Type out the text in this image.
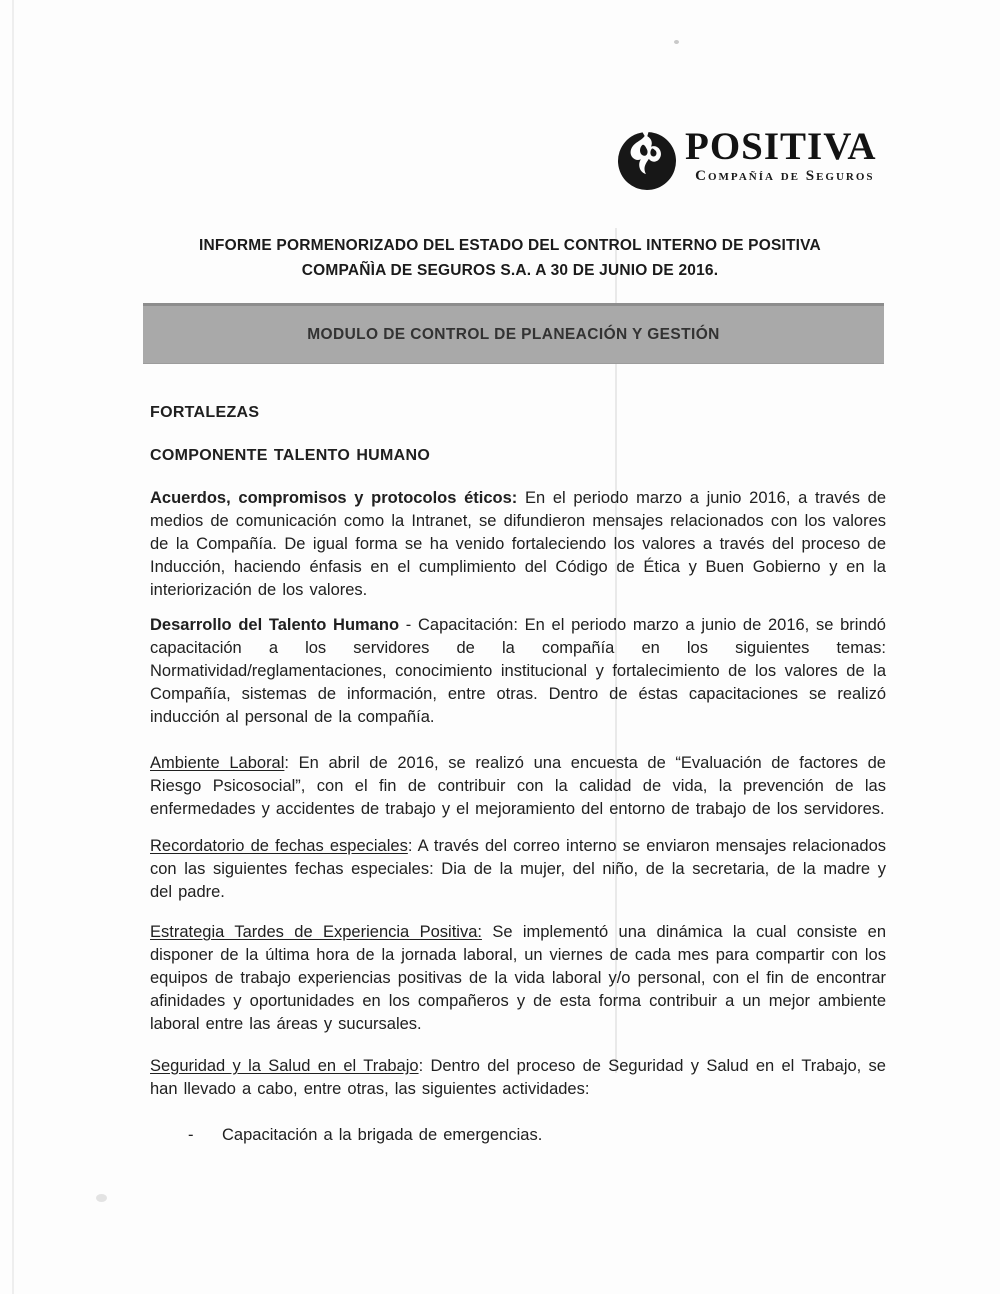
POSITIVA
Compañía de Seguros
INFORME PORMENORIZADO DEL ESTADO DEL CONTROL INTERNO DE POSITIVA
COMPAÑÌA DE SEGUROS S.A. A 30 DE JUNIO DE 2016.
MODULO DE CONTROL DE PLANEACIÓN Y GESTIÓN
FORTALEZAS
COMPONENTE TALENTO HUMANO

Acuerdos, compromisos y protocolos éticos: En el periodo marzo a junio 2016, a través de medios de comunicación como la Intranet, se difundieron mensajes relacionados con los valores de la Compañía. De igual forma se ha venido fortaleciendo los valores a través del proceso de Inducción, haciendo énfasis en el cumplimiento del Código de Ética y Buen Gobierno y en la interiorización de los valores.

Desarrollo del Talento Humano - Capacitación: En el periodo marzo a junio de 2016, se brindó capacitación a los servidores de la compañía en los siguientes temas: Normatividad/reglamentaciones, conocimiento institucional y fortalecimiento de los valores de la Compañía, sistemas de información, entre otras. Dentro de éstas capacitaciones se realizó inducción al personal de la compañía.

Ambiente Laboral: En abril de 2016, se realizó una encuesta de “Evaluación de factores de Riesgo Psicosocial”, con el fin de contribuir con la calidad de vida, la prevención de las enfermedades y accidentes de trabajo y el mejoramiento del entorno de trabajo de los servidores.

Recordatorio de fechas especiales: A través del correo interno se enviaron mensajes relacionados con las siguientes fechas especiales: Dia de la mujer, del niño, de la secretaria, de la madre y del padre.

Estrategia Tardes de Experiencia Positiva: Se implementó una dinámica la cual consiste en disponer de la última hora de la jornada laboral, un viernes de cada mes para compartir con los equipos de trabajo experiencias positivas de la vida laboral y/o personal, con el fin de encontrar afinidades y oportunidades en los compañeros y de esta forma contribuir a un mejor ambiente laboral entre las áreas y sucursales.

Seguridad y la Salud en el Trabajo: Dentro del proceso de Seguridad y Salud en el Trabajo, se han llevado a cabo, entre otras, las siguientes actividades:

-	Capacitación a la brigada de emergencias.
